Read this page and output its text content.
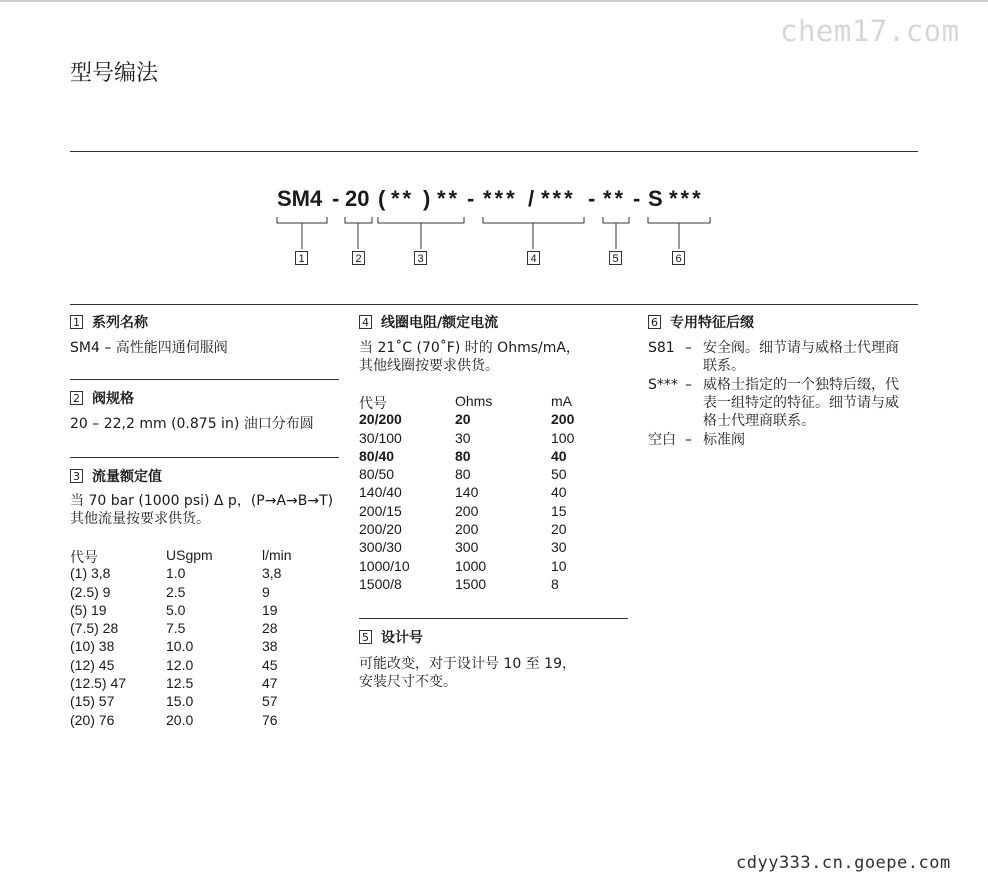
chem17.com
cdyy333.cn.goepe.com
型号编法
SM4 - 20 ( ** ) ** - *** / *** - ** - S ***
1	2	3	4	5	6
1 系列名称
SM4 – 高性能四通伺服阀
2 阀规格
20 – 22,2 mm (0.875 in) 油口分布圆
3 流量额定值
当 70 bar (1000 psi) Δ p，(P→A→B→T)
其他流量按要求供货。
代号	USgpm	l/min
(1) 3,8	1.0	3,8
(2.5) 9	2.5	9
(5) 19	5.0	19
(7.5) 28	7.5	28
(10) 38	10.0	38
(12) 45	12.0	45
(12.5) 47	12.5	47
(15) 57	15.0	57
(20) 76	20.0	76
4 线圈电阻/额定电流
当 21˚C (70˚F) 时的 Ohms/mA，
其他线圈按要求供货。
代号	Ohms	mA
20/200	20	200
30/100	30	100
80/40	80	40
80/50	80	50
140/40	140	40
200/15	200	15
200/20	200	20
300/30	300	30
1000/10	1000	10
1500/8	1500	8
5 设计号
可能改变，对于设计号 10 至 19，
安装尺寸不变。
6 专用特征后缀
S81 – 安全阀。细节请与威格士代理商
联系。
S*** – 威格士指定的一个独特后缀，代
表一组特定的特征。细节请与威
格士代理商联系。
空白 – 标准阀
